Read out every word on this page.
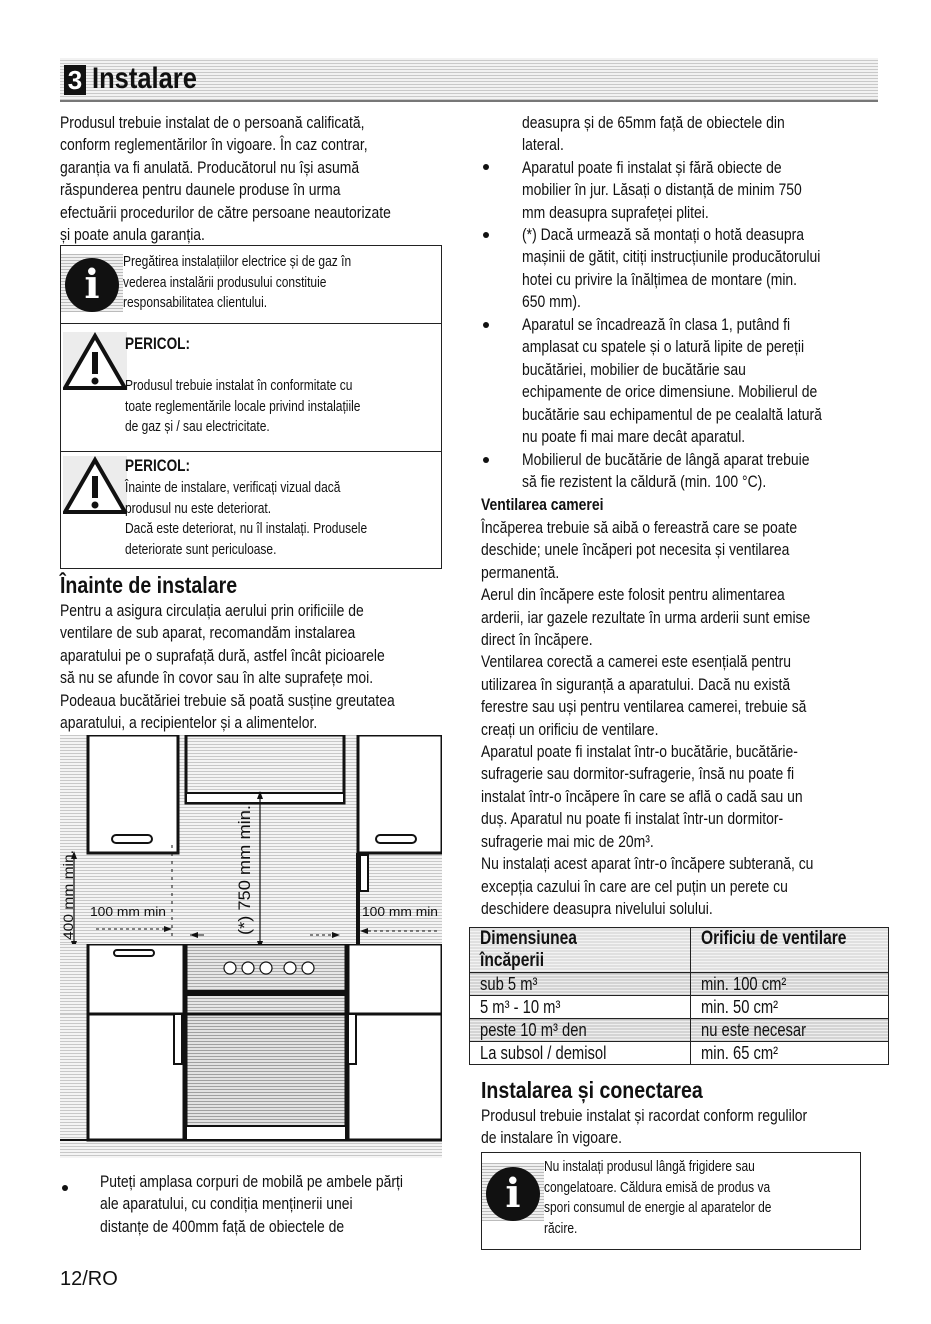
3 Instalare
Produsul trebuie instalat de o persoană calificată,
conform reglementărilor în vigoare. În caz contrar,
garanția va fi anulată. Producătorul nu își asumă
răspunderea pentru daunele produse în urma
efectuării procedurilor de către persoane neautorizate
și poate anula garanția.
i	Pregătirea instalațiilor electrice și de gaz în
vederea instalării produsului constituie
responsabilitatea clientului.
PERICOL:
Produsul trebuie instalat în conformitate cu
toate reglementările locale privind instalațiile
de gaz și / sau electricitate.
PERICOL:
Înainte de instalare, verificați vizual dacă
produsul nu este deteriorat.
Dacă este deteriorat, nu îl instalați. Produsele
deteriorate sunt periculoase.
Înainte de instalare
Pentru a asigura circulația aerului prin orificiile de
ventilare de sub aparat, recomandăm instalarea
aparatului pe o suprafață dură, astfel încât picioarele
să nu se afunde în covor sau în alte suprafețe moi.
Podeaua bucătăriei trebuie să poată susține greutatea
aparatului, a recipientelor și a alimentelor.
400 mm min. 100 mm min	100 mm min
(*) 750 mm min.
Puteți amplasa corpuri de mobilă pe ambele părți
ale aparatului, cu condiția menținerii unei
distanțe de 400mm față de obiectele de
deasupra și de 65mm față de obiectele din
lateral.
Aparatul poate fi instalat și fără obiecte de
mobilier în jur. Lăsați o distanță de minim 750
mm deasupra suprafeței plitei.
(*) Dacă urmează să montați o hotă deasupra
mașinii de gătit, citiți instrucțiunile producătorului
hotei cu privire la înălțimea de montare (min.
650 mm).
Aparatul se încadrează în clasa 1, putând fi
amplasat cu spatele și o latură lipite de pereții
bucătăriei, mobilier de bucătărie sau
echipamente de orice dimensiune. Mobilierul de
bucătărie sau echipamentul de pe cealaltă latură
nu poate fi mai mare decât aparatul.
Mobilierul de bucătărie de lângă aparat trebuie
să fie rezistent la căldură (min. 100 °C).
Ventilarea camerei
Încăperea trebuie să aibă o fereastră care se poate
deschide; unele încăperi pot necesita și ventilarea
permanentă.
Aerul din încăpere este folosit pentru alimentarea
arderii, iar gazele rezultate în urma arderii sunt emise
direct în încăpere.
Ventilarea corectă a camerei este esențială pentru
utilizarea în siguranță a aparatului. Dacă nu există
ferestre sau uși pentru ventilarea camerei, trebuie să
creați un orificiu de ventilare.
Aparatul poate fi instalat într-o bucătărie, bucătărie-
sufragerie sau dormitor-sufragerie, însă nu poate fi
instalat într-o încăpere în care se află o cadă sau un
duș. Aparatul nu poate fi instalat într-un dormitor-
sufragerie mai mic de 20m³.
Nu instalați acest aparat într-o încăpere subterană, cu
excepția cazului în care are cel puțin un perete cu
deschidere deasupra nivelului solului.
Dimensiunea încăperii	Orificiu de ventilare
sub 5 m³	min. 100 cm²
5 m³ - 10 m³	min. 50 cm²
peste 10 m³ den	nu este necesar
La subsol / demisol	min. 65 cm²
Instalarea și conectarea
Produsul trebuie instalat și racordat conform regulilor
de instalare în vigoare.
i
Nu instalați produsul lângă frigidere sau
congelatoare. Căldura emisă de produs va
spori consumul de energie al aparatelor de
răcire.
12/RO
